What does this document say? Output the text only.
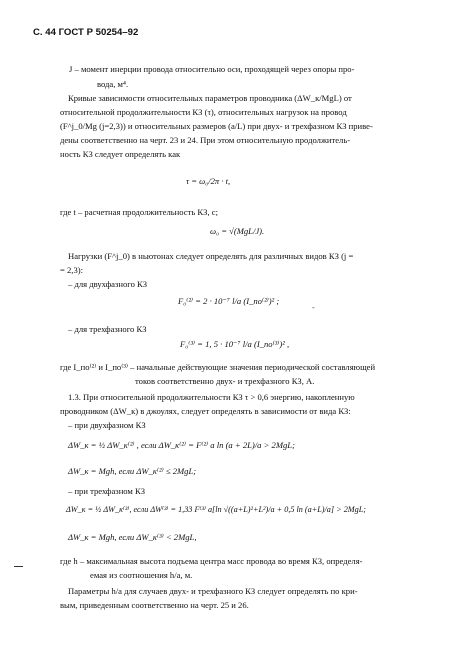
С. 44 ГОСТ Р 50254–92
J – момент инерции провода относительно оси, проходящей через опоры про-
вода, м⁴.
Кривые зависимости относительных параметров проводника (ΔW_к/MgL) от
относительной продолжительности КЗ (τ), относительных нагрузок на провод
(F^j_0/Mg (j=2,3)) и относительных размеров (a/L) при двух- и трехфазном КЗ приве-
дены соответственно на черт. 23 и 24. При этом относительную продолжитель-
ность КЗ следует определять как
τ = ω₀/2π · t,
где t – расчетная продолжительность КЗ, с;
ω₀ = √(MgL/J).
Нагрузки (F^j_0) в ньютонах следует определять для различных видов КЗ (j =
= 2,3):
– для двухфазного КЗ
F₀⁽²⁾ = 2 · 10⁻⁷ l/a (I_по⁽²⁾)² ;
-
– для трехфазного КЗ
F₀⁽³⁾ = 1, 5 · 10⁻⁷ l/a (I_по⁽³⁾)² ,
где I_по⁽²⁾ и I_по⁽³⁾ – начальные действующие значения периодической составляющей
токов соответственно двух- и трехфазного КЗ, А.
1.3. При относительной продолжительности КЗ τ > 0,6 энергию, накопленную
проводником (ΔW_к) в джоулях, следует определять в зависимости от вида КЗ:
– при двухфазном КЗ
ΔW_к = ½ ΔW_к⁽²⁾ , если ΔW_к⁽²⁾ = F⁽²⁾ a ln (a + 2L)/a > 2MgL;
ΔW_к = Mgh, если ΔW_к⁽²⁾ ≤ 2MgL;
– при трехфазном КЗ
ΔW_к = ½ ΔW_к⁽³⁾, если ΔW⁽³⁾ = 1,33 F⁽³⁾ a[ln √((a+L)²+L²)/a + 0,5 ln (a+L)/a] > 2MgL;
ΔW_к = Mgh, если ΔW_к⁽³⁾ < 2MgL,
где h – максимальная высота подъема центра масс провода во время КЗ, определя-
емая из соотношения h/a, м.
Параметры h/a для случаев двух- и трехфазного КЗ следует определять по кри-
вым, приведенным соответственно на черт. 25 и 26.
